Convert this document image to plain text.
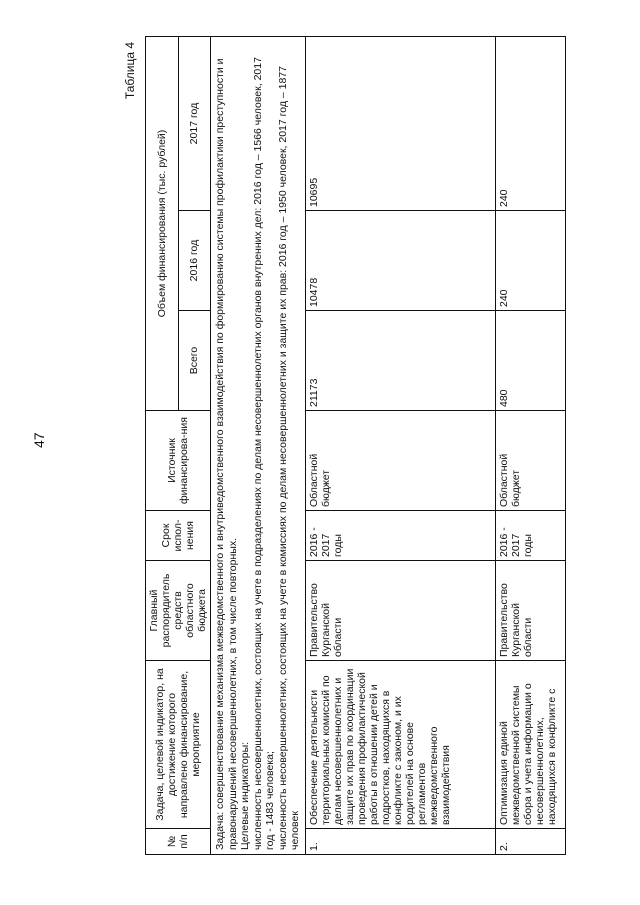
47
Таблица 4
№ п/п	Задача, целевой индикатор, на достижение которого направлено финансирование, мероприятие	Главный распорядитель средств областного бюджета	Срок испол-нения	Источник финансирова-ния	Объем финансирования (тыс. рублей)		
					Всего	2016 год	2017 год

Задача: совершенствование механизма межведомственного и внутриведомственного взаимодействия по формированию системы профилактики преступности и правонарушений несовершеннолетних, в том числе повторных. Целевые индикаторы: численность несовершеннолетних, состоящих на учете в подразделениях по делам несовершеннолетних органов внутренних дел: 2016 год – 1566 человек, 2017 год - 1483 человека; численность несовершеннолетних, состоящих на учете в комиссиях по делам несовершеннолетних и защите их прав: 2016 год – 1950 человек, 2017 год – 1877 человек							

1.	Обеспечение деятельности территориальных комиссий по делам несовершеннолетних и защите их прав по координации проведения профилактической работы в отношении детей и подростков, находящихся в конфликте с законом, и их родителей на основе регламентов межведомственного взаимодействия	Правительство Курганской области	2016 - 2017 годы	Областной бюджет	21173	10478	10695
2.	Оптимизация единой межведомственной системы сбора и учета информации о несовершеннолетних, находящихся в конфликте с	Правительство Курганской области	2016 - 2017 годы	Областной бюджет	480	240	240
